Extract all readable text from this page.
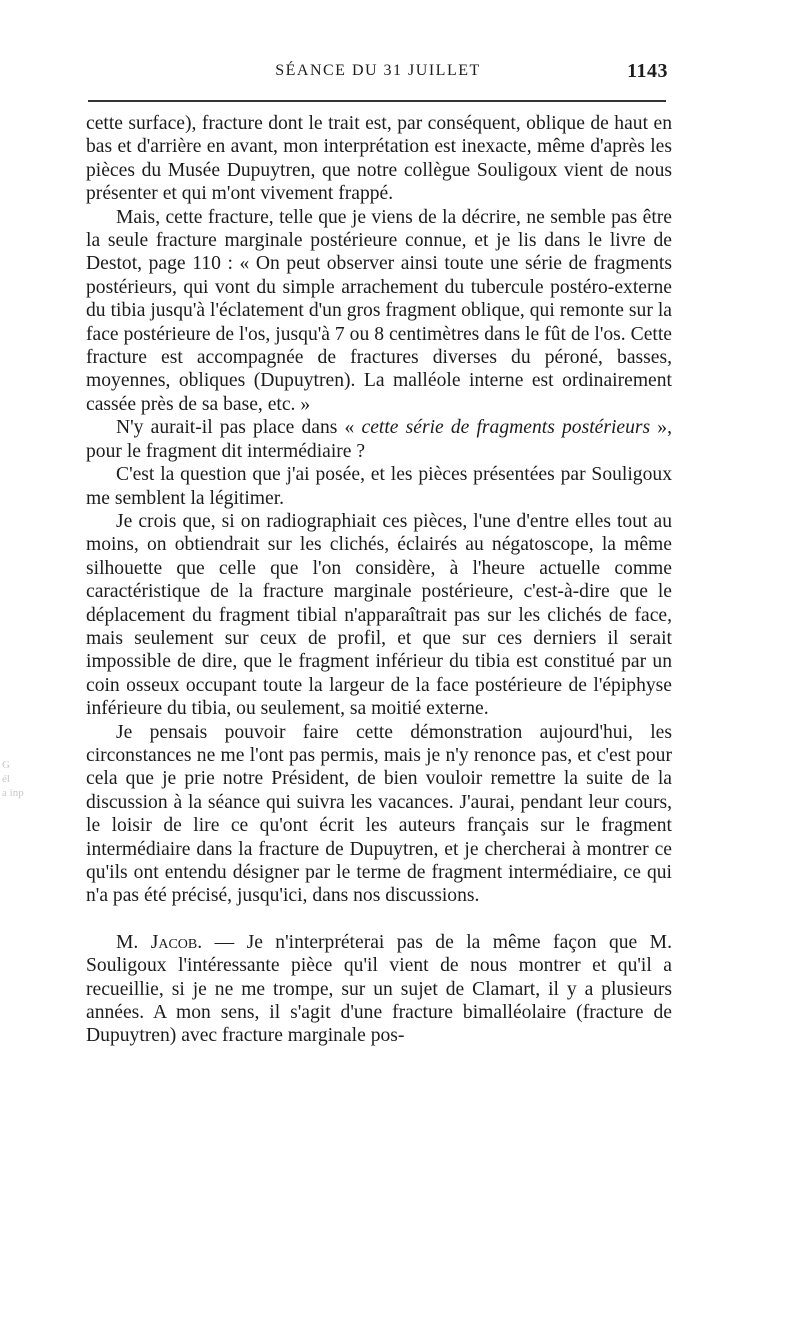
SÉANCE DU 31 JUILLET	1143
G
él
a inp

cette surface), fracture dont le trait est, par conséquent, oblique de haut en bas et d'arrière en avant, mon interprétation est inexacte, même d'après les pièces du Musée Dupuytren, que notre collègue Souligoux vient de nous présenter et qui m'ont vivement frappé.

Mais, cette fracture, telle que je viens de la décrire, ne semble pas être la seule fracture marginale postérieure connue, et je lis dans le livre de Destot, page 110 : « On peut observer ainsi toute une série de fragments postérieurs, qui vont du simple arrachement du tubercule postéro-externe du tibia jusqu'à l'éclatement d'un gros fragment oblique, qui remonte sur la face postérieure de l'os, jusqu'à 7 ou 8 centimètres dans le fût de l'os. Cette fracture est accompagnée de fractures diverses du péroné, basses, moyennes, obliques (Dupuytren). La malléole interne est ordinairement cassée près de sa base, etc. »

N'y aurait-il pas place dans « cette série de fragments postérieurs », pour le fragment dit intermédiaire ?

C'est la question que j'ai posée, et les pièces présentées par Souligoux me semblent la légitimer.

Je crois que, si on radiographiait ces pièces, l'une d'entre elles tout au moins, on obtiendrait sur les clichés, éclairés au négatoscope, la même silhouette que celle que l'on considère, à l'heure actuelle comme caractéristique de la fracture marginale postérieure, c'est-à-dire que le déplacement du fragment tibial n'apparaîtrait pas sur les clichés de face, mais seulement sur ceux de profil, et que sur ces derniers il serait impossible de dire, que le fragment inférieur du tibia est constitué par un coin osseux occupant toute la largeur de la face postérieure de l'épiphyse inférieure du tibia, ou seulement, sa moitié externe.

Je pensais pouvoir faire cette démonstration aujourd'hui, les circonstances ne me l'ont pas permis, mais je n'y renonce pas, et c'est pour cela que je prie notre Président, de bien vouloir remettre la suite de la discussion à la séance qui suivra les vacances. J'aurai, pendant leur cours, le loisir de lire ce qu'ont écrit les auteurs français sur le fragment intermédiaire dans la fracture de Dupuytren, et je chercherai à montrer ce qu'ils ont entendu désigner par le terme de fragment intermédiaire, ce qui n'a pas été précisé, jusqu'ici, dans nos discussions.

M. Jacob. — Je n'interpréterai pas de la même façon que M. Souligoux l'intéressante pièce qu'il vient de nous montrer et qu'il a recueillie, si je ne me trompe, sur un sujet de Clamart, il y a plusieurs années. A mon sens, il s'agit d'une fracture bimalléolaire (fracture de Dupuytren) avec fracture marginale pos-
